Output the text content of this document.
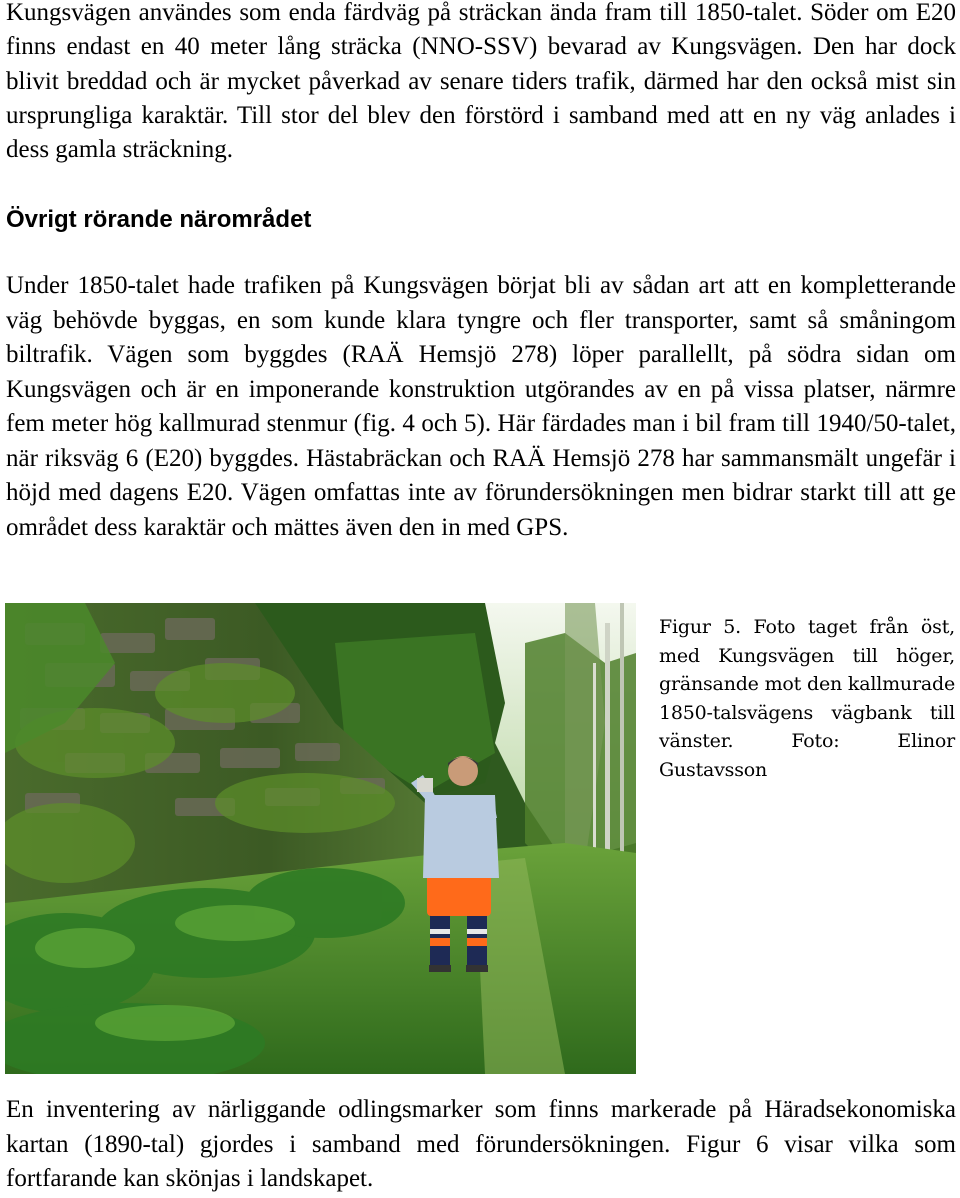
Kungsvägen användes som enda färdväg på sträckan ända fram till 1850-talet. Söder om E20 finns endast en 40 meter lång sträcka (NNO-SSV) bevarad av Kungsvägen. Den har dock blivit breddad och är mycket påverkad av senare tiders trafik, därmed har den också mist sin ursprungliga karaktär. Till stor del blev den förstörd i samband med att en ny väg anlades i dess gamla sträckning.

Övrigt rörande närområdet

Under 1850-talet hade trafiken på Kungsvägen börjat bli av sådan art att en kompletterande väg behövde byggas, en som kunde klara tyngre och fler transporter, samt så småningom biltrafik. Vägen som byggdes (RAÄ Hemsjö 278) löper parallellt, på södra sidan om Kungsvägen och är en imponerande konstruktion utgörandes av en på vissa platser, närmre fem meter hög kallmurad stenmur (fig. 4 och 5). Här färdades man i bil fram till 1940/50-talet, när riksväg 6 (E20) byggdes. Hästabräckan och RAÄ Hemsjö 278 har sammansmält ungefär i höjd med dagens E20. Vägen omfattas inte av förundersökningen men bidrar starkt till att ge området dess karaktär och mättes även den in med GPS.

Figur 5. Foto taget från öst, med Kungsvägen till höger, gränsande mot den kallmurade 1850-talsvägens vägbank till vänster. Foto: Elinor Gustavsson

En inventering av närliggande odlingsmarker som finns markerade på Häradsekonomiska kartan (1890-tal) gjordes i samband med förundersökningen. Figur 6 visar vilka som fortfarande kan skönjas i landskapet.
